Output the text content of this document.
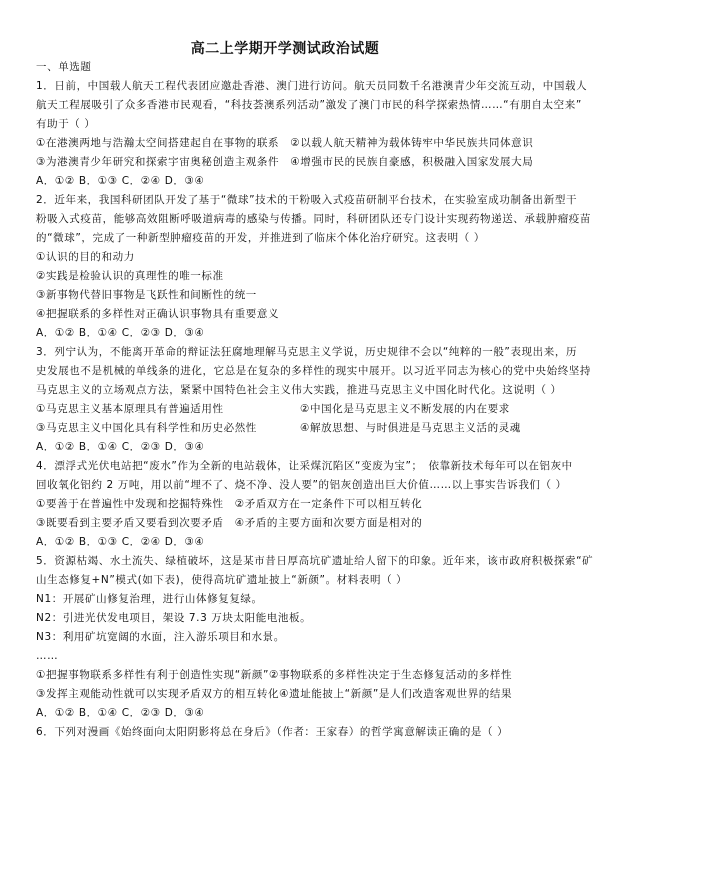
高二上学期开学测试政治试题
一、单选题
1．日前，中国载人航天工程代表团应邀赴香港、澳门进行访问。航天员同数千名港澳青少年交流互动，中国载人
航天工程展吸引了众多香港市民观看，“科技荟澳系列活动”激发了澳门市民的科学探索热情……“有朋自太空来”
有助于（ ）
①在港澳两地与浩瀚太空间搭建起自在事物的联系　②以载人航天精神为载体铸牢中华民族共同体意识
③为港澳青少年研究和探索宇宙奥秘创造主观条件　④增强市民的民族自豪感，积极融入国家发展大局
A．①② B．①③ C．②④ D．③④
2．近年来，我国科研团队开发了基于“微球”技术的干粉吸入式疫苗研制平台技术，在实验室成功制备出新型干
粉吸入式疫苗，能够高效阻断呼吸道病毒的感染与传播。同时，科研团队还专门设计实现药物递送、承载肿瘤疫苗
的“微球”，完成了一种新型肿瘤疫苗的开发，并推进到了临床个体化治疗研究。这表明（ ）
①认识的目的和动力
②实践是检验认识的真理性的唯一标准
③新事物代替旧事物是飞跃性和间断性的统一
④把握联系的多样性对正确认识事物具有重要意义
A．①② B．①④ C．②③ D．③④
3．列宁认为，不能离开革命的辩证法狂腐地理解马克思主义学说，历史规律不会以“纯粹的一般”表现出来，历
史发展也不是机械的单线条的进化，它总是在复杂的多样性的现实中展开。以习近平同志为核心的党中央始终坚持
马克思主义的立场观点方法，紧紧中国特色社会主义伟大实践，推进马克思主义中国化时代化。这说明（ ）
①马克思主义基本原理具有普遍适用性	②中国化是马克思主义不断发展的内在要求
③马克思主义中国化具有科学性和历史必然性	④解放思想、与时俱进是马克思主义活的灵魂
A．①② B．①④ C．②③ D．③④
4．漂浮式光伏电站把“废水”作为全新的电站载体，让采煤沉陷区“变废为宝”；　依靠新技术每年可以在铝灰中
回收氧化铝约 2 万吨，用以前“埋不了、烧不净、没人要”的铝灰创造出巨大价值……以上事实告诉我们（ ）
①要善于在普遍性中发现和挖掘特殊性　②矛盾双方在一定条件下可以相互转化
③既要看到主要矛盾又要看到次要矛盾　④矛盾的主要方面和次要方面是相对的
A．①② B．①③ C．②④ D．③④
5．资源枯竭、水土流失、绿植破坏，这是某市昔日厚高坑矿遗址给人留下的印象。近年来，该市政府积极探索“矿
山生态修复+N”模式(如下表)，使得高坑矿遗址披上“新颜”。材料表明（ ）
N1：开展矿山修复治理，进行山体修复复绿。
N2：引进光伏发电项目，架设 7.3 万块太阳能电池板。
N3：利用矿坑宽阔的水面，注入游乐项目和水景。
……
①把握事物联系多样性有利于创造性实现“新颜”②事物联系的多样性决定于生态修复活动的多样性
③发挥主观能动性就可以实现矛盾双方的相互转化④遗址能披上“新颜”是人们改造客观世界的结果
A．①② B．①④ C．②③ D．③④
6．下列对漫画《始终面向太阳阴影将总在身后》（作者：王家春）的哲学寓意解读正确的是（ ）
